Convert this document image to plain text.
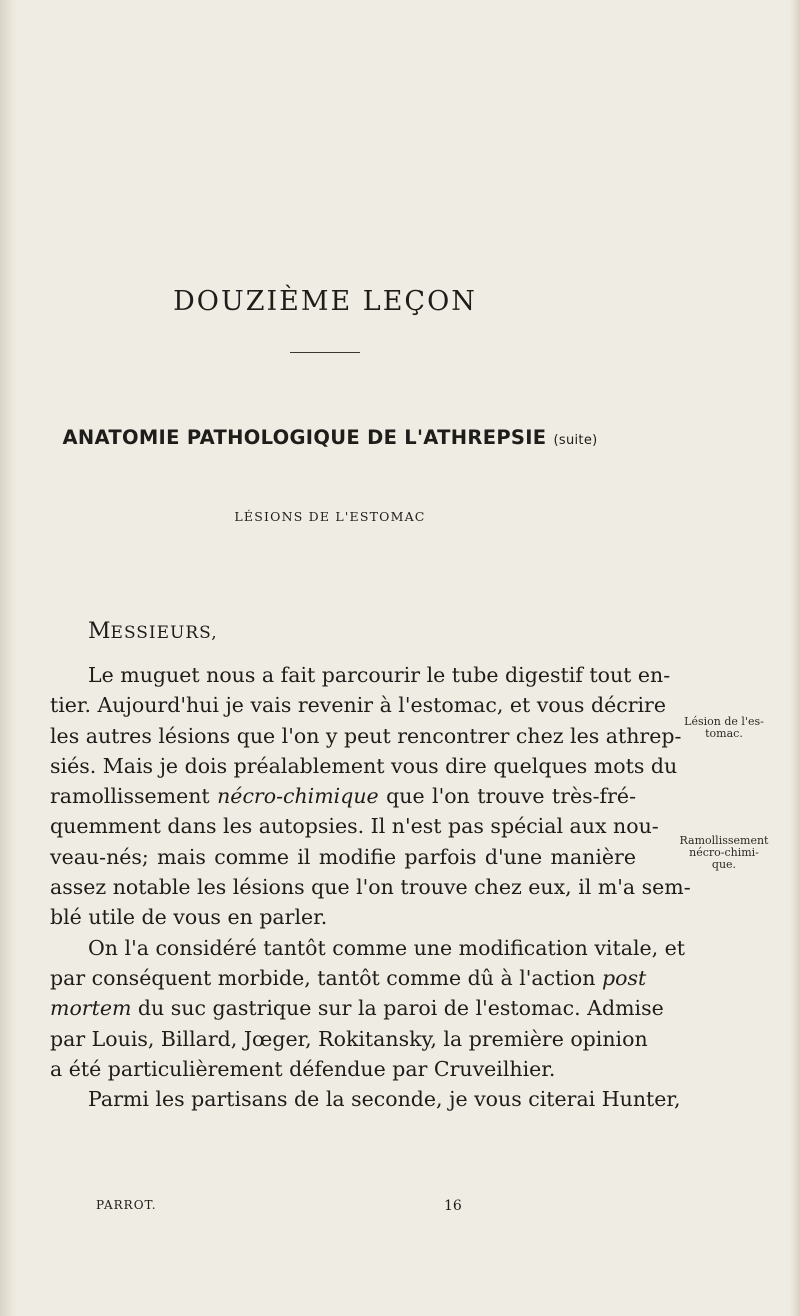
DOUZIÈME LEÇON
ANATOMIE PATHOLOGIQUE DE L'ATHREPSIE (suite)
LÉSIONS DE L'ESTOMAC
MESSIEURS,
Le muguet nous a fait parcourir le tube digestif tout en-
tier. Aujourd'hui je vais revenir à l'estomac, et vous décrire
les autres lésions que l'on y peut rencontrer chez les athrep-
siés. Mais je dois préalablement vous dire quelques mots du
ramollissement nécro-chimique que l'on trouve très-fré-
quemment dans les autopsies. Il n'est pas spécial aux nou-
veau-nés; mais comme il modifie parfois d'une manière
assez notable les lésions que l'on trouve chez eux, il m'a sem-
blé utile de vous en parler.
On l'a considéré tantôt comme une modification vitale, et
par conséquent morbide, tantôt comme dû à l'action post
mortem du suc gastrique sur la paroi de l'estomac. Admise
par Louis, Billard, Jœger, Rokitansky, la première opinion
a été particulièrement défendue par Cruveilhier.
Parmi les partisans de la seconde, je vous citerai Hunter,
Lésion de l'es-
tomac.
Ramollissement
nécro-chimi-
que.
PARROT.	16
